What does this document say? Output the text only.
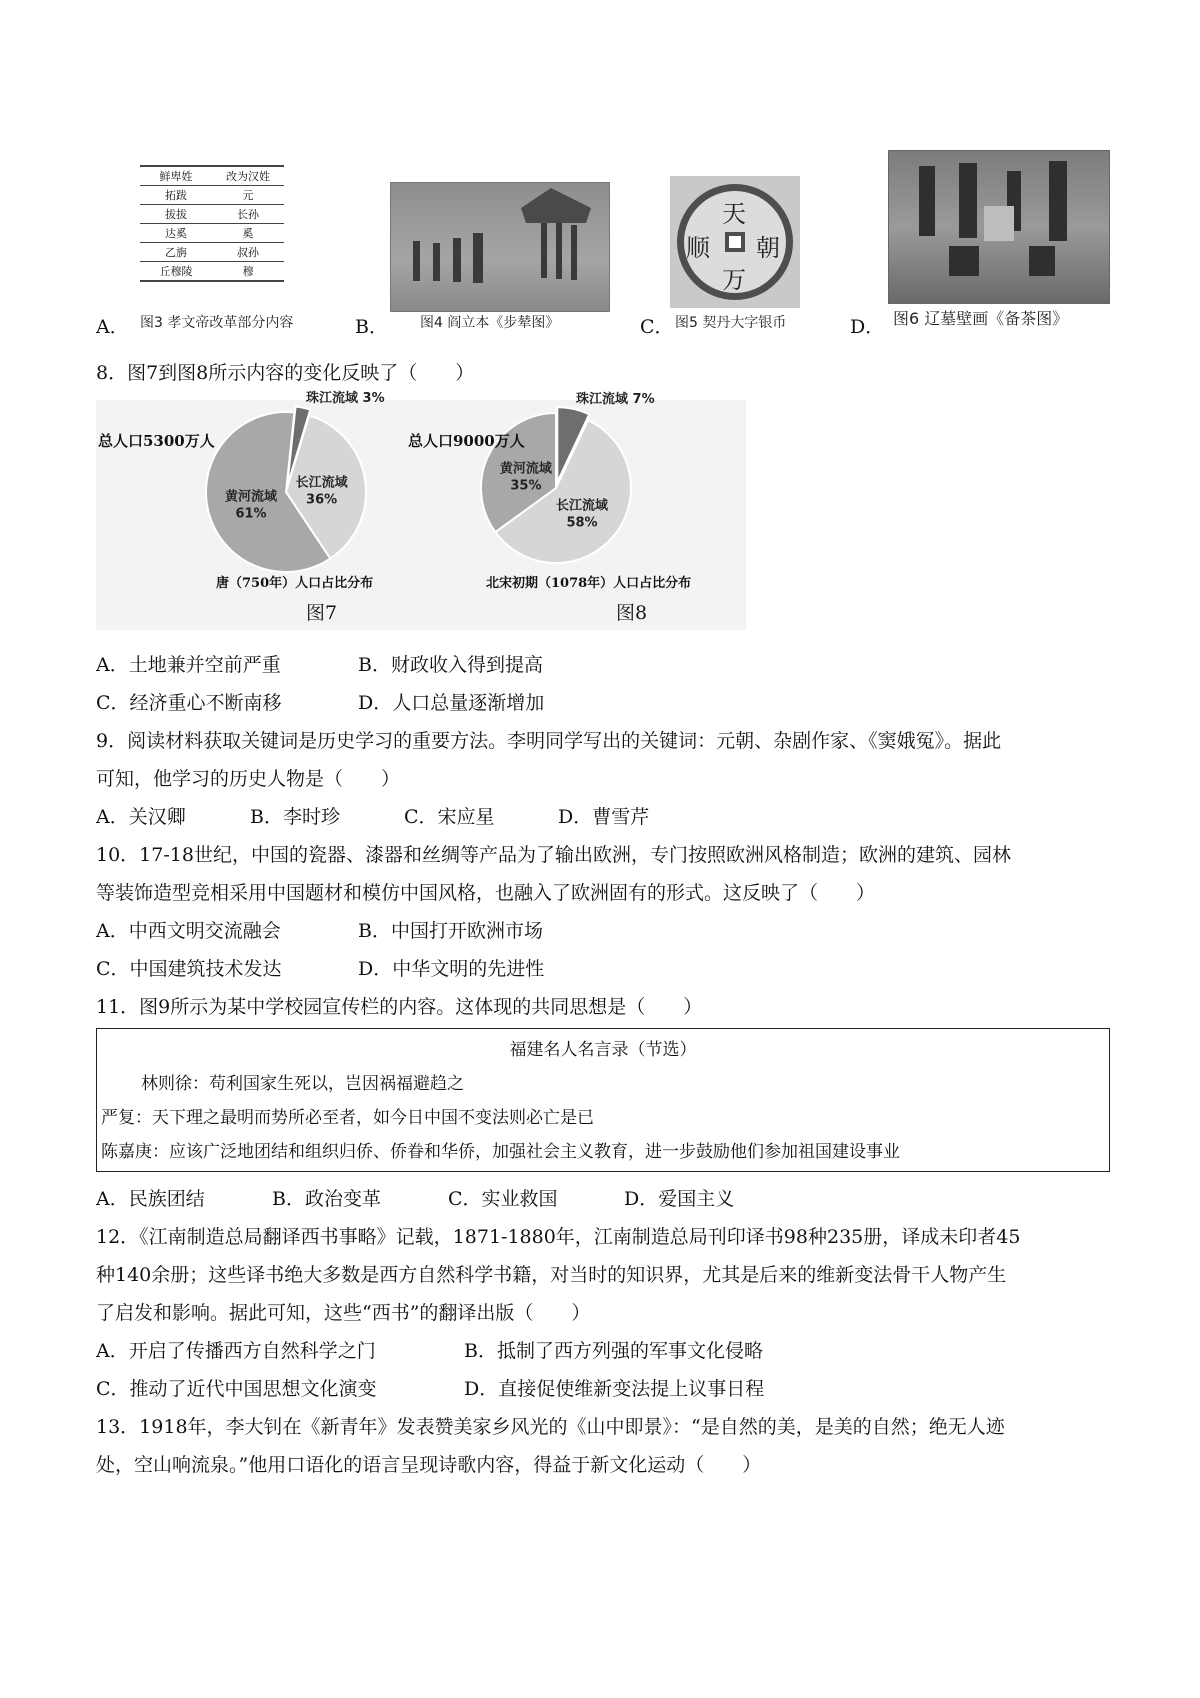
鲜卑姓	改为汉姓
拓跋	元
拔拔	长孙
达奚	奚
乙旃	叔孙
丘穆陵	穆
A． 图3 孝文帝改革部分内容	B． 图4 阎立本《步辇图》
天
朝
万
顺
C． 图5 契丹大字银币	D． 图6 辽墓壁画《备茶图》
8．图7到图8所示内容的变化反映了（　　）
珠江流域 3%
长江流域 36%
黄河流域 61%
珠江流域 7%
长江流域 58%
黄河流域 35%
总人口5300万人	总人口9000万人
唐（750年）人口占比分布	北宋初期（1078年）人口占比分布
图7	图8
A．土地兼并空前严重	B．财政收入得到提高
C．经济重心不断南移	D．人口总量逐渐增加
9．阅读材料获取关键词是历史学习的重要方法。李明同学写出的关键词：元朝、杂剧作家、《窦娥冤》。据此
可知，他学习的历史人物是（　　）
A．关汉卿	B．李时珍	C．宋应星	D．曹雪芹
10．17-18世纪，中国的瓷器、漆器和丝绸等产品为了输出欧洲，专门按照欧洲风格制造；欧洲的建筑、园林
等装饰造型竞相采用中国题材和模仿中国风格，也融入了欧洲固有的形式。这反映了（　　）
A．中西文明交流融会	B．中国打开欧洲市场
C．中国建筑技术发达	D．中华文明的先进性
11．图9所示为某中学校园宣传栏的内容。这体现的共同思想是（　　）
福建名人名言录（节选）
林则徐：苟利国家生死以，岂因祸福避趋之
严复：天下理之最明而势所必至者，如今日中国不变法则必亡是已
陈嘉庚：应该广泛地团结和组织归侨、侨眷和华侨，加强社会主义教育，进一步鼓励他们参加祖国建设事业
A．民族团结	B．政治变革	C．实业救国	D．爱国主义
12．《江南制造总局翻译西书事略》记载，1871-1880年，江南制造总局刊印译书98种235册，译成未印者45
种140余册；这些译书绝大多数是西方自然科学书籍，对当时的知识界，尤其是后来的维新变法骨干人物产生
了启发和影响。据此可知，这些“西书”的翻译出版（　　）
A．开启了传播西方自然科学之门	B．抵制了西方列强的军事文化侵略
C．推动了近代中国思想文化演变	D．直接促使维新变法提上议事日程
13．1918年，李大钊在《新青年》发表赞美家乡风光的《山中即景》：“是自然的美，是美的自然；绝无人迹
处，空山响流泉。”他用口语化的语言呈现诗歌内容，得益于新文化运动（　　）
